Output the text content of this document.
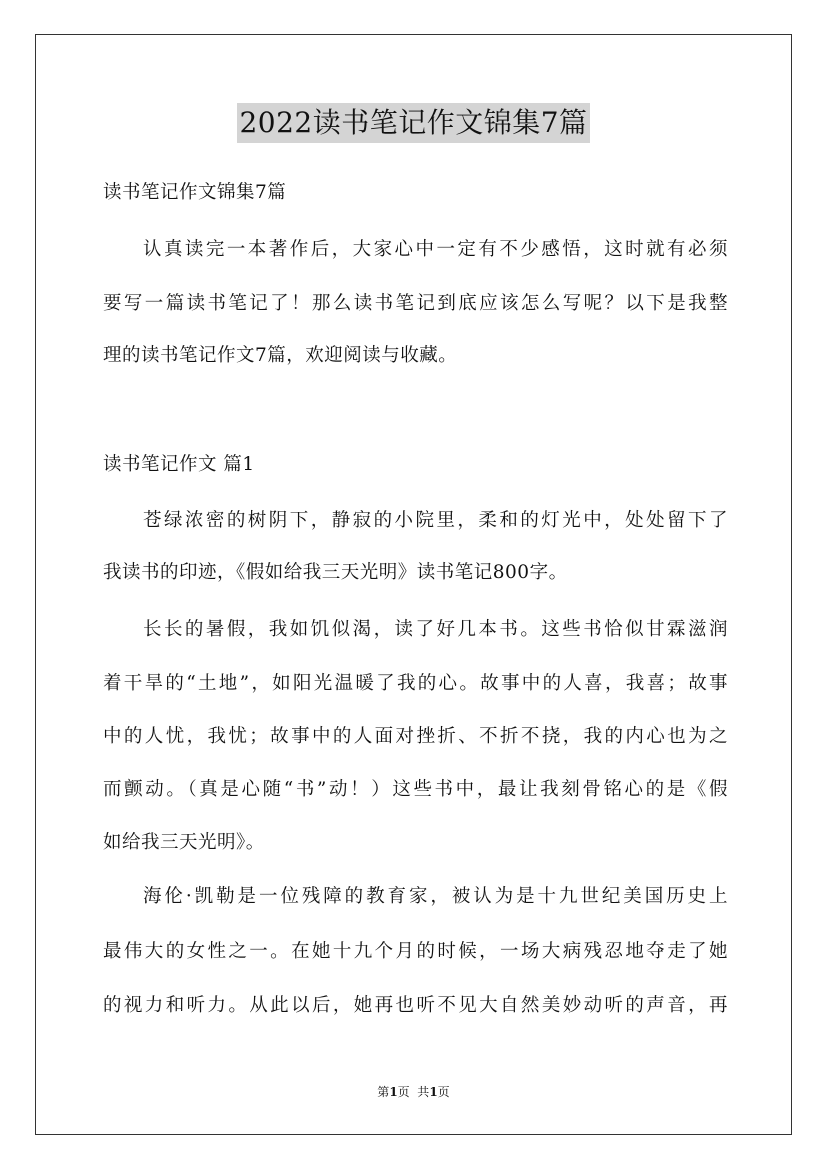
2022读书笔记作文锦集7篇
读书笔记作文锦集7篇
认真读完一本著作后，大家心中一定有不少感悟，这时就有必须
要写一篇读书笔记了！那么读书笔记到底应该怎么写呢？以下是我整
理的读书笔记作文7篇，欢迎阅读与收藏。
读书笔记作文 篇1
苍绿浓密的树阴下，静寂的小院里，柔和的灯光中，处处留下了
我读书的印迹，《假如给我三天光明》读书笔记800字。
长长的暑假，我如饥似渴，读了好几本书。这些书恰似甘霖滋润
着干旱的“土地”，如阳光温暖了我的心。故事中的人喜，我喜；故事
中的人忧，我忧；故事中的人面对挫折、不折不挠，我的内心也为之
而颤动。（真是心随“书”动！）这些书中，最让我刻骨铭心的是《假
如给我三天光明》。
海伦·凯勒是一位残障的教育家，被认为是十九世纪美国历史上
最伟大的女性之一。在她十九个月的时候，一场大病残忍地夺走了她
的视力和听力。从此以后，她再也听不见大自然美妙动听的声音，再
第1页  共1页
